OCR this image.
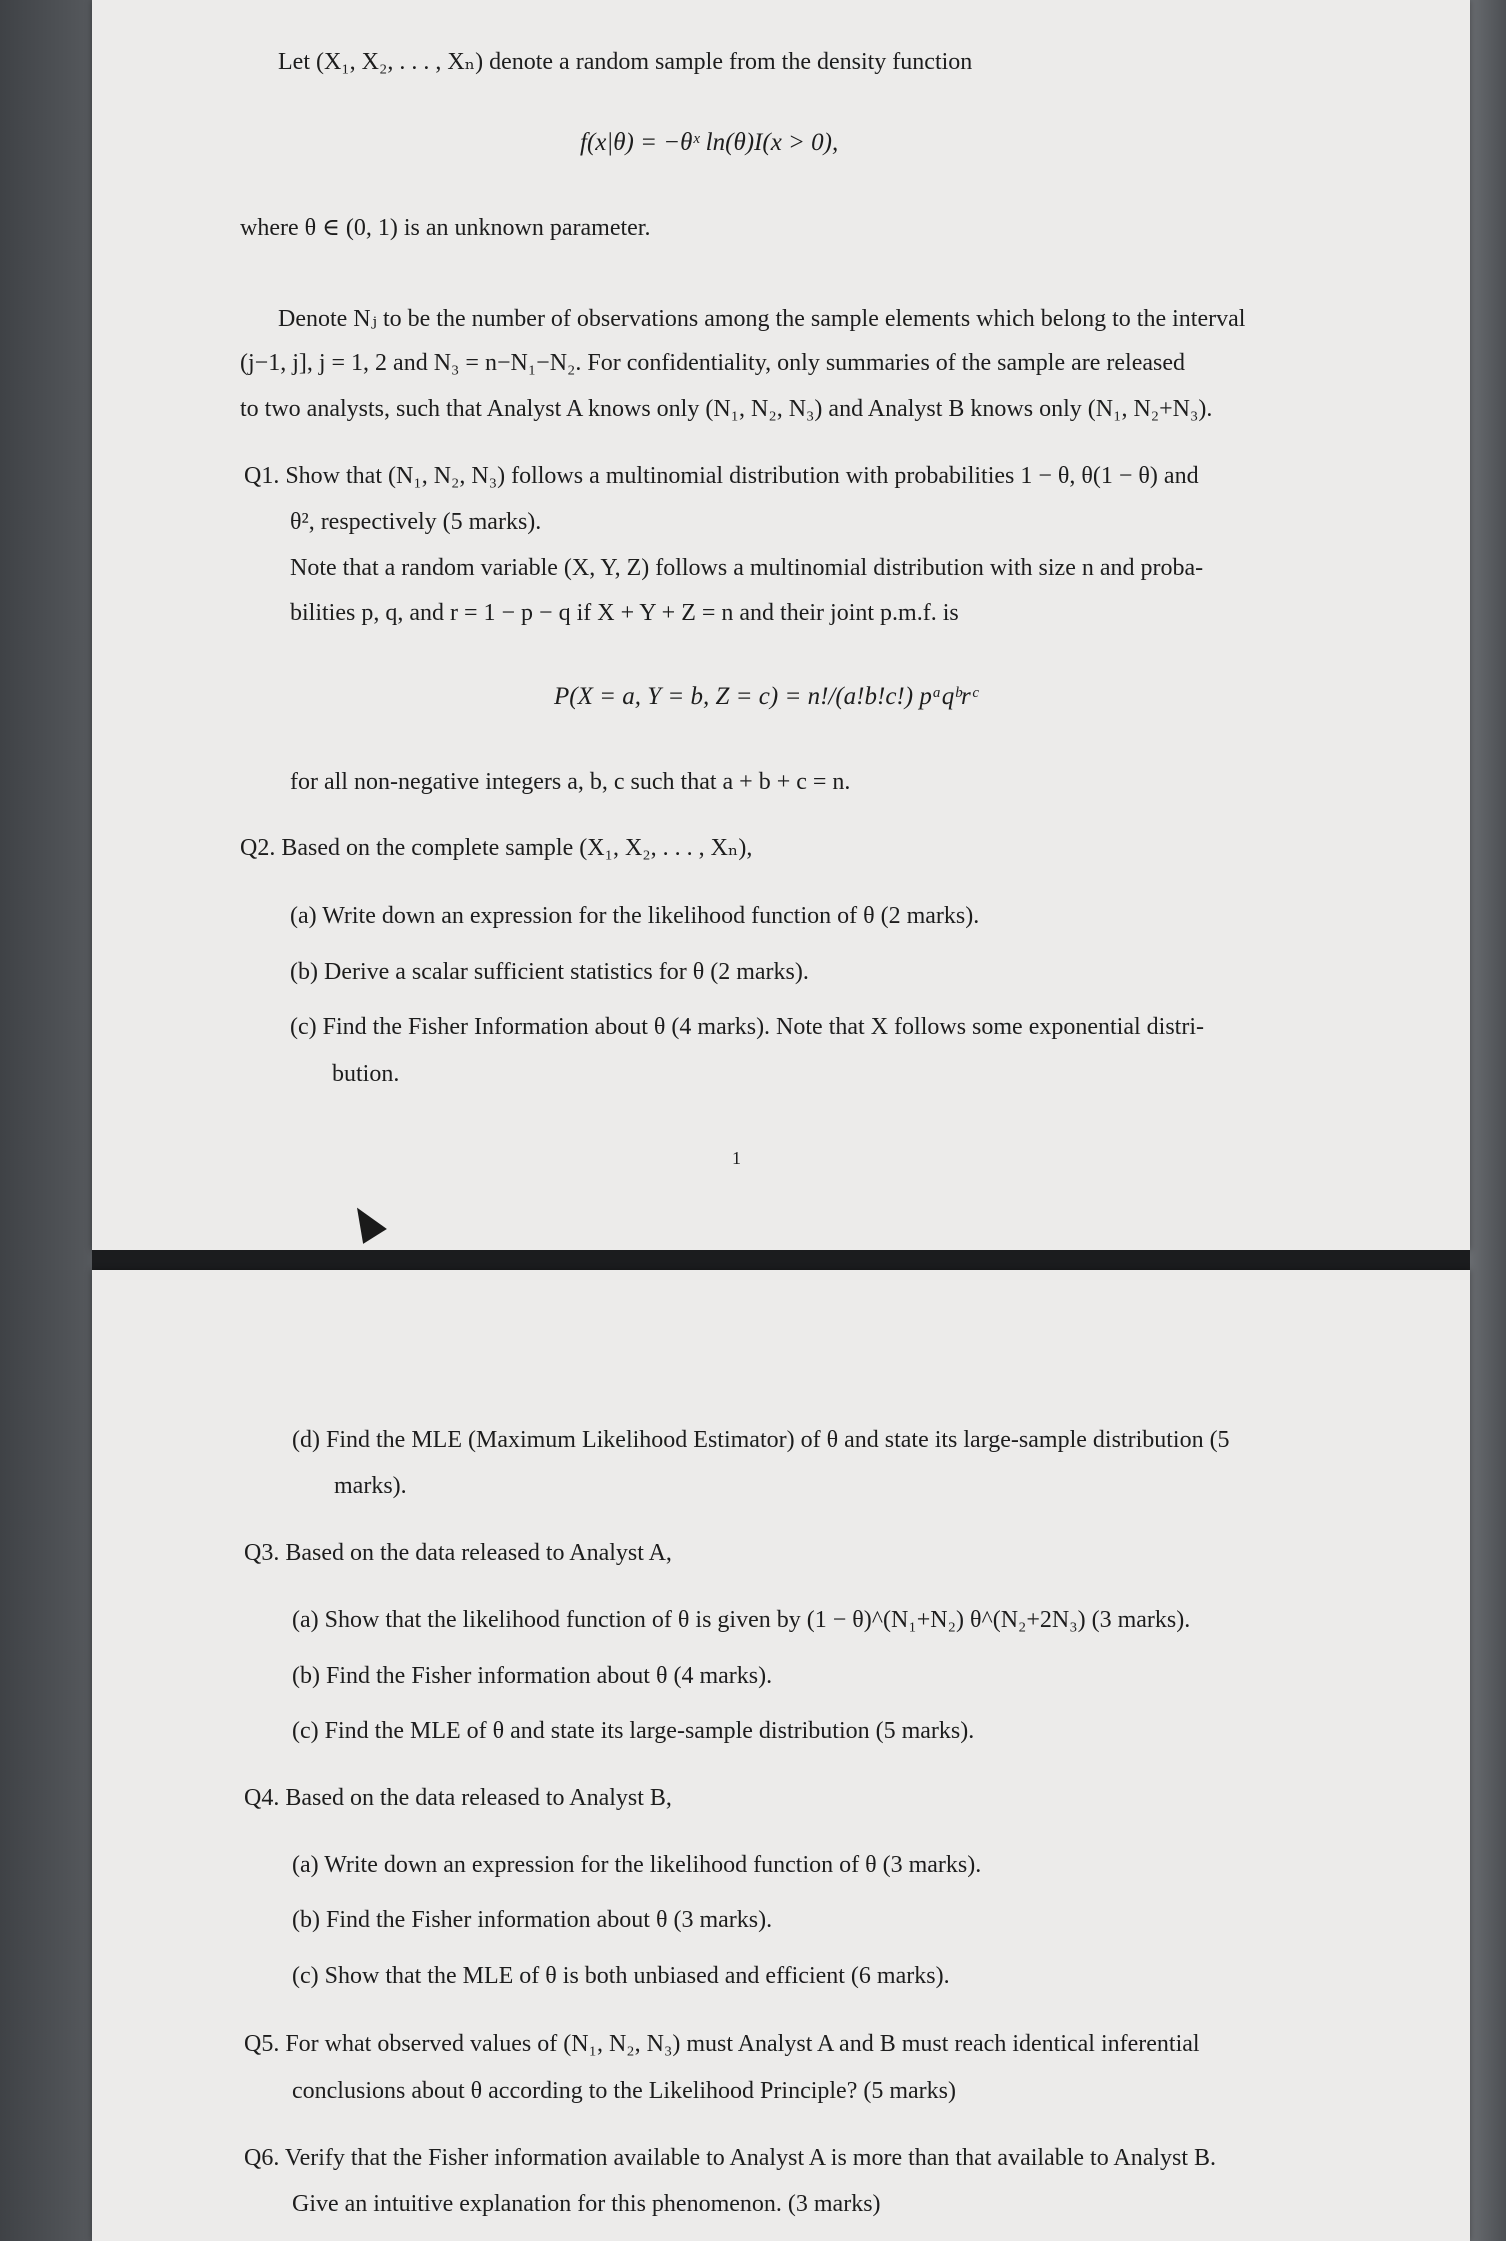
Let (X₁, X₂, . . . , Xₙ) denote a random sample from the density function
f(x|θ) = −θˣ ln(θ)I(x > 0),
where θ ∈ (0, 1) is an unknown parameter.
Denote Nⱼ to be the number of observations among the sample elements which belong to the interval
(j−1, j], j = 1, 2 and N₃ = n−N₁−N₂. For confidentiality, only summaries of the sample are released
to two analysts, such that Analyst A knows only (N₁, N₂, N₃) and Analyst B knows only (N₁, N₂+N₃).
Q1. Show that (N₁, N₂, N₃) follows a multinomial distribution with probabilities 1 − θ, θ(1 − θ) and
θ², respectively (5 marks).
Note that a random variable (X, Y, Z) follows a multinomial distribution with size n and proba-
bilities p, q, and r = 1 − p − q if X + Y + Z = n and their joint p.m.f. is
P(X = a, Y = b, Z = c) = n!/(a!b!c!) pᵃqᵇrᶜ
for all non-negative integers a, b, c such that a + b + c = n.
Q2. Based on the complete sample (X₁, X₂, . . . , Xₙ),
(a) Write down an expression for the likelihood function of θ (2 marks).
(b) Derive a scalar sufficient statistics for θ (2 marks).
(c) Find the Fisher Information about θ (4 marks). Note that X follows some exponential distri-
bution.
1
(d) Find the MLE (Maximum Likelihood Estimator) of θ and state its large-sample distribution (5
marks).
Q3. Based on the data released to Analyst A,
(a) Show that the likelihood function of θ is given by (1 − θ)^(N₁+N₂) θ^(N₂+2N₃) (3 marks).
(b) Find the Fisher information about θ (4 marks).
(c) Find the MLE of θ and state its large-sample distribution (5 marks).
Q4. Based on the data released to Analyst B,
(a) Write down an expression for the likelihood function of θ (3 marks).
(b) Find the Fisher information about θ (3 marks).
(c) Show that the MLE of θ is both unbiased and efficient (6 marks).
Q5. For what observed values of (N₁, N₂, N₃) must Analyst A and B must reach identical inferential
conclusions about θ according to the Likelihood Principle? (5 marks)
Q6. Verify that the Fisher information available to Analyst A is more than that available to Analyst B.
Give an intuitive explanation for this phenomenon. (3 marks)
